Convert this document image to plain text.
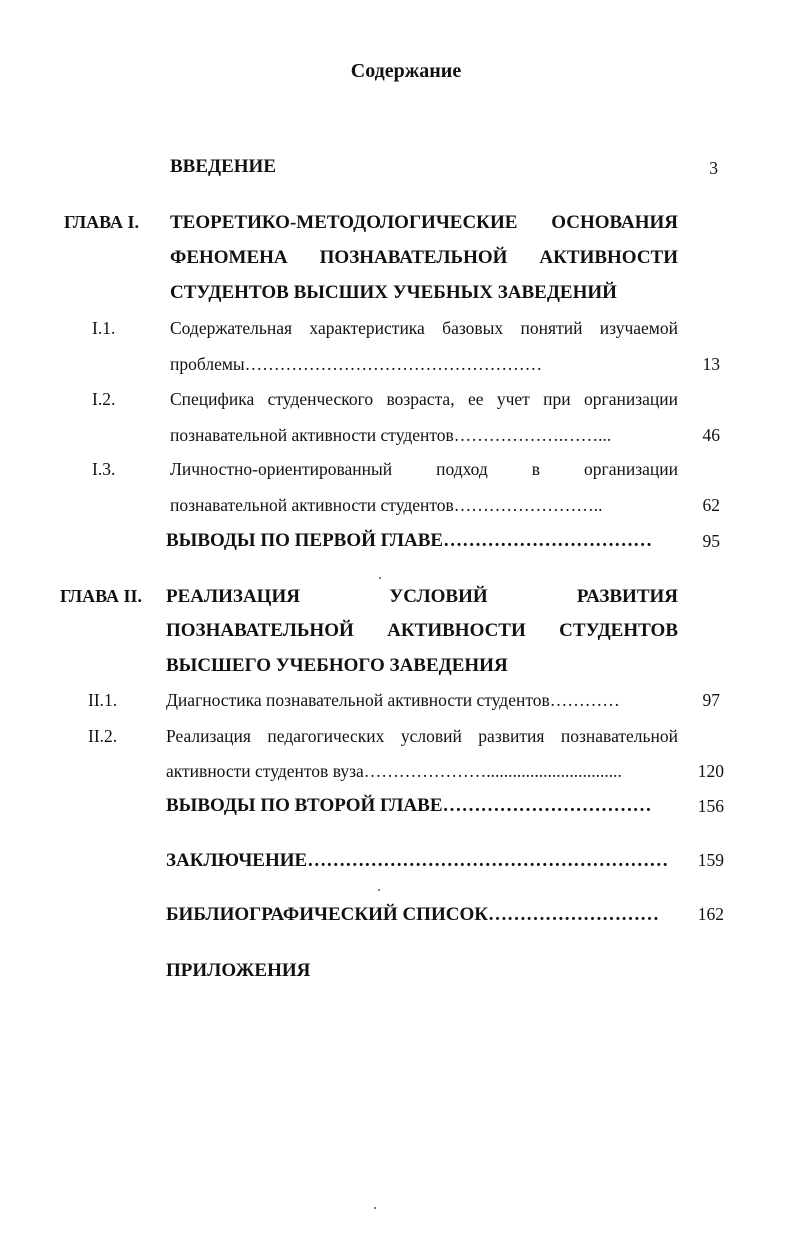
Содержание
ВВЕДЕНИЕ	3
ГЛАВА I. ТЕОРЕТИКО-МЕТОДОЛОГИЧЕСКИЕ ОСНОВАНИЯ
ФЕНОМЕНА ПОЗНАВАТЕЛЬНОЙ АКТИВНОСТИ
СТУДЕНТОВ ВЫСШИХ УЧЕБНЫХ ЗАВЕДЕНИЙ
I.1.	Содержательная характеристика базовых понятий изучаемой
проблемы……………………………………………	13
I.2.	Специфика студенческого возраста, ее учет при организации
познавательной активности студентов……………….……...	46
I.3.	Личностно-ориентированный подход в организации
познавательной активности студентов……………………..	62
ВЫВОДЫ ПО ПЕРВОЙ ГЛАВЕ……………………………	95
ГЛАВА II. РЕАЛИЗАЦИЯ УСЛОВИЙ РАЗВИТИЯ
ПОЗНАВАТЕЛЬНОЙ АКТИВНОСТИ СТУДЕНТОВ
ВЫСШЕГО УЧЕБНОГО ЗАВЕДЕНИЯ
II.1.	Диагностика познавательной активности студентов…………	97
II.2.	Реализация педагогических условий развития познавательной
активности студентов вуза…………………...............................	120
ВЫВОДЫ ПО ВТОРОЙ ГЛАВЕ……………………………	156
ЗАКЛЮЧЕНИЕ…………………………………………………	159
БИБЛИОГРАФИЧЕСКИЙ СПИСОК………………………	162
ПРИЛОЖЕНИЯ
